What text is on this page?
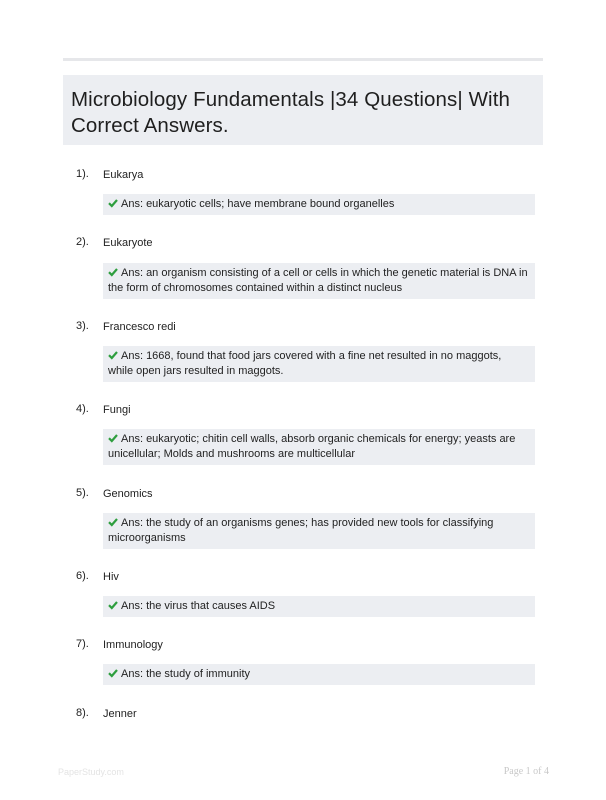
Microbiology Fundamentals |34 Questions| With Correct Answers.
1). Eukarya
Ans: eukaryotic cells; have membrane bound organelles
2). Eukaryote
Ans: an organism consisting of a cell or cells in which the genetic material is DNA in the form of chromosomes contained within a distinct nucleus
3). Francesco redi
Ans: 1668, found that food jars covered with a fine net resulted in no maggots, while open jars resulted in maggots.
4). Fungi
Ans: eukaryotic; chitin cell walls, absorb organic chemicals for energy; yeasts are unicellular; Molds and mushrooms are multicellular
5). Genomics
Ans: the study of an organisms genes; has provided new tools for classifying microorganisms
6). Hiv
Ans: the virus that causes AIDS
7). Immunology
Ans: the study of immunity
8). Jenner
PaperStudy.com	Page 1 of 4
